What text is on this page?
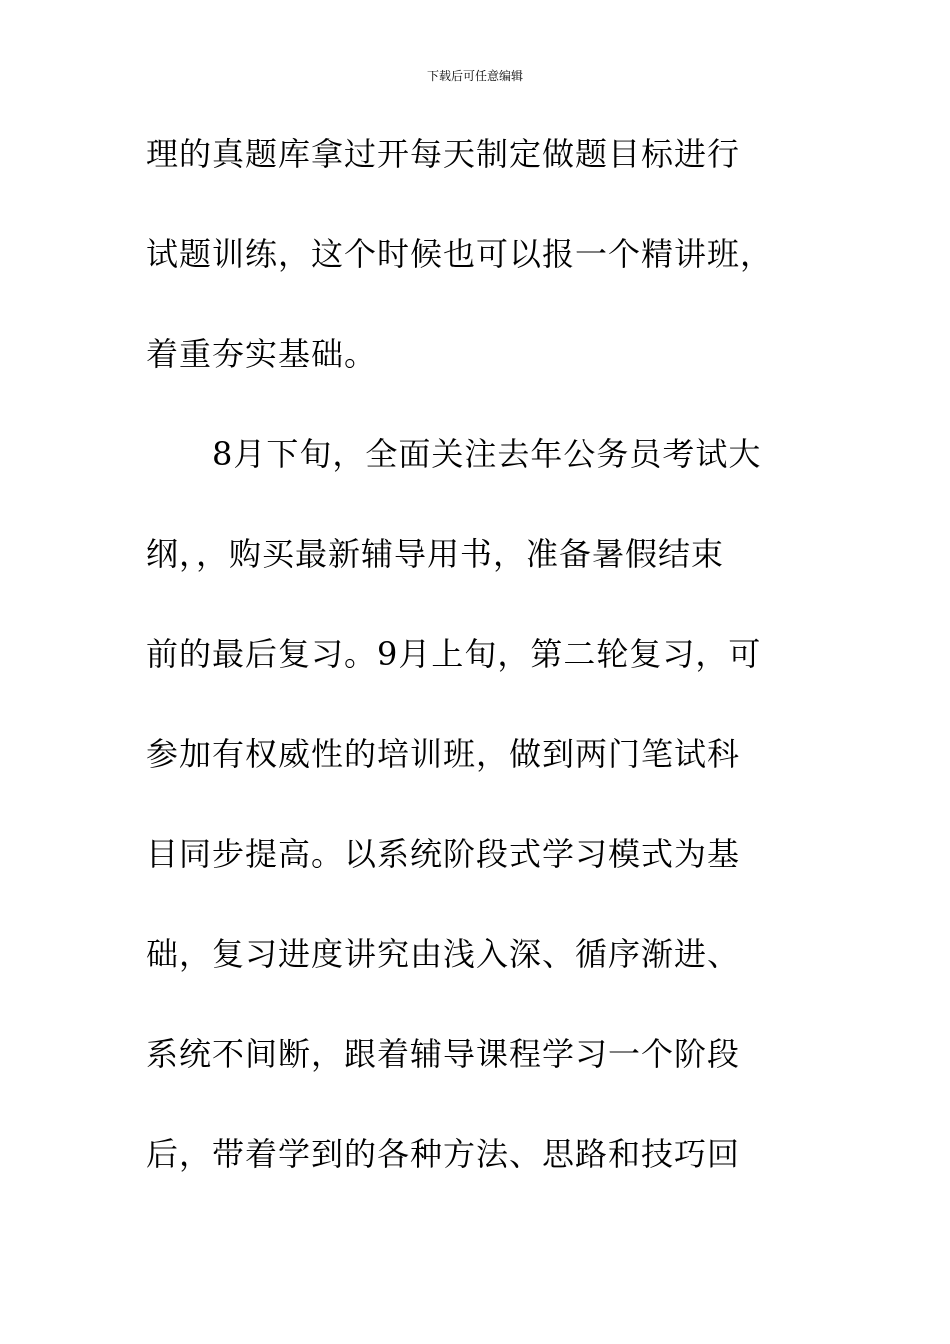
下载后可任意编辑
理的真题库拿过开每天制定做题目标进行
试题训练，这个时候也可以报一个精讲班，
着重夯实基础。
　　8月下旬，全面关注去年公务员考试大
纲，，购买最新辅导用书，准备暑假结束
前的最后复习。9月上旬，第二轮复习，可
参加有权威性的培训班，做到两门笔试科
目同步提高。以系统阶段式学习模式为基
础，复习进度讲究由浅入深、循序渐进、
系统不间断，跟着辅导课程学习一个阶段
后，带着学到的各种方法、思路和技巧回
